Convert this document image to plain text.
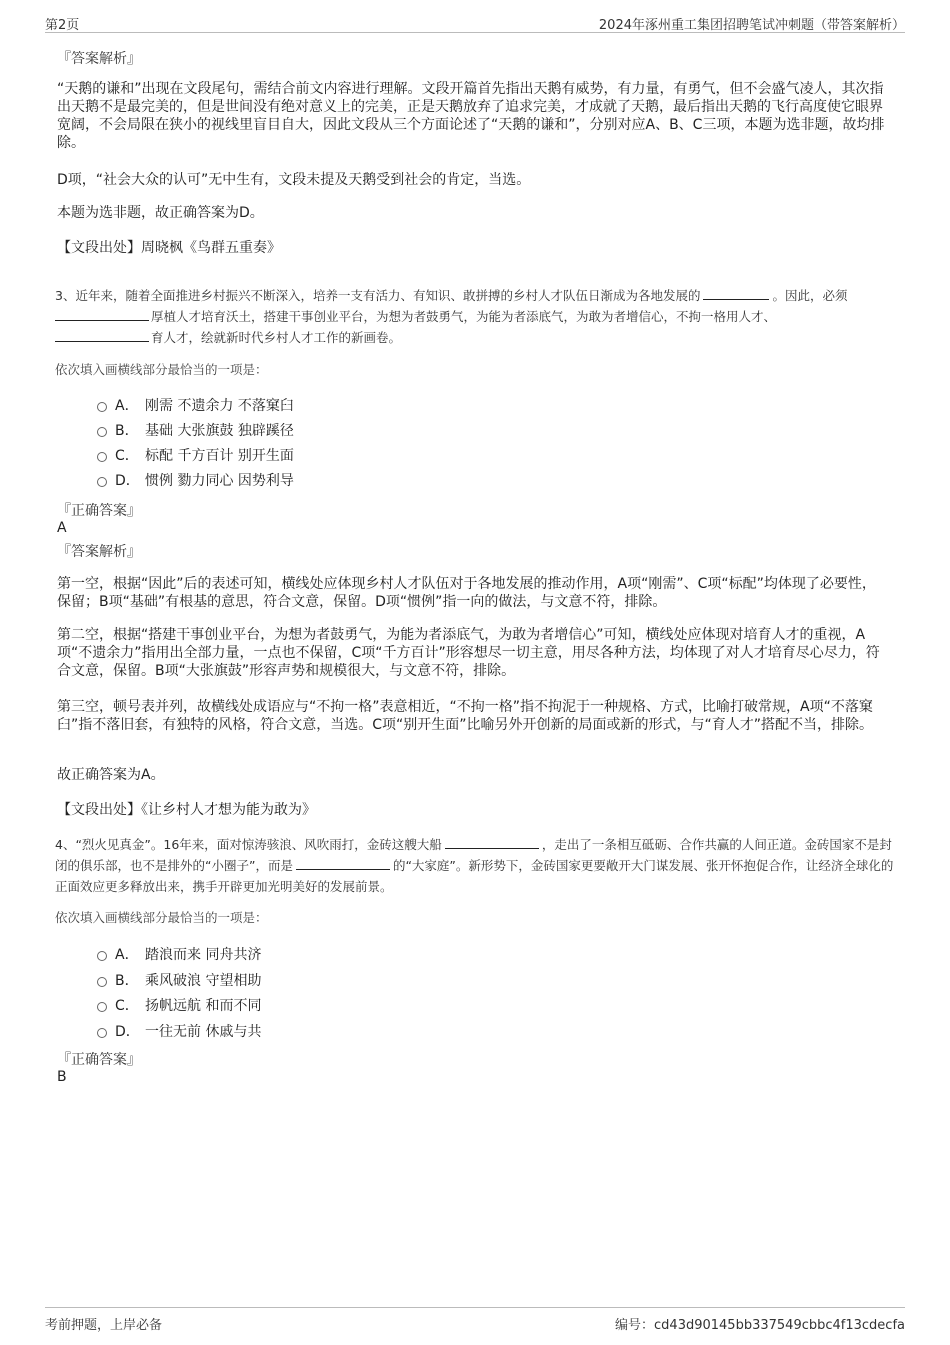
第2页	2024年涿州重工集团招聘笔试冲刺题（带答案解析）
『答案解析』

“天鹅的谦和”出现在文段尾句，需结合前文内容进行理解。文段开篇首先指出天鹅有威势，有力量，有勇气，但不会盛气凌人，其次指出天鹅不是最完美的，但是世间没有绝对意义上的完美，正是天鹅放弃了追求完美，才成就了天鹅，最后指出天鹅的飞行高度使它眼界宽阔，不会局限在狭小的视线里盲目自大，因此文段从三个方面论述了“天鹅的谦和”，分别对应A、B、C三项，本题为选非题，故均排除。

D项，“社会大众的认可”无中生有，文段未提及天鹅受到社会的肯定，当选。

本题为选非题，故正确答案为D。

【文段出处】周晓枫《鸟群五重奏》

3、近年来，随着全面推进乡村振兴不断深入，培养一支有活力、有知识、敢拼搏的乡村人才队伍日渐成为各地发展的	。因此，必须
厚植人才培育沃土，搭建干事创业平台，为想为者鼓勇气，为能为者添底气，为敢为者增信心，不拘一格用人才、
育人才，绘就新时代乡村人才工作的新画卷。
依次填入画横线部分最恰当的一项是：
A． 刚需 不遗余力 不落窠臼
B． 基础 大张旗鼓 独辟蹊径
C． 标配 千方百计 别开生面
D． 惯例 勠力同心 因势利导
『正确答案』
A
『答案解析』

第一空，根据“因此”后的表述可知，横线处应体现乡村人才队伍对于各地发展的推动作用，A项“刚需”、C项“标配”均体现了必要性，保留；B项“基础”有根基的意思，符合文意，保留。D项“惯例”指一向的做法，与文意不符，排除。

第二空，根据“搭建干事创业平台，为想为者鼓勇气，为能为者添底气，为敢为者增信心”可知，横线处应体现对培育人才的重视，A项“不遗余力”指用出全部力量，一点也不保留，C项“千方百计”形容想尽一切主意，用尽各种方法，均体现了对人才培育尽心尽力，符合文意，保留。B项“大张旗鼓”形容声势和规模很大，与文意不符，排除。

第三空，顿号表并列，故横线处成语应与“不拘一格”表意相近，“不拘一格”指不拘泥于一种规格、方式，比喻打破常规，A项“不落窠臼”指不落旧套，有独特的风格，符合文意，当选。C项“别开生面”比喻另外开创新的局面或新的形式，与“育人才”搭配不当，排除。

故正确答案为A。

【文段出处】《让乡村人才想为能为敢为》

4、“烈火见真金”。16年来，面对惊涛骇浪、风吹雨打，金砖这艘大船	，走出了一条相互砥砺、合作共赢的人间正道。金砖国家不是封闭的俱乐部，也不是排外的“小圈子”，而是	的“大家庭”。新形势下，金砖国家更要敞开大门谋发展、张开怀抱促合作，让经济全球化的正面效应更多释放出来，携手开辟更加光明美好的发展前景。
依次填入画横线部分最恰当的一项是：
A． 踏浪而来 同舟共济
B． 乘风破浪 守望相助
C． 扬帆远航 和而不同
D． 一往无前 休戚与共
『正确答案』
B
考前押题，上岸必备	编号：cd43d90145bb337549cbbc4f13cdecfa
